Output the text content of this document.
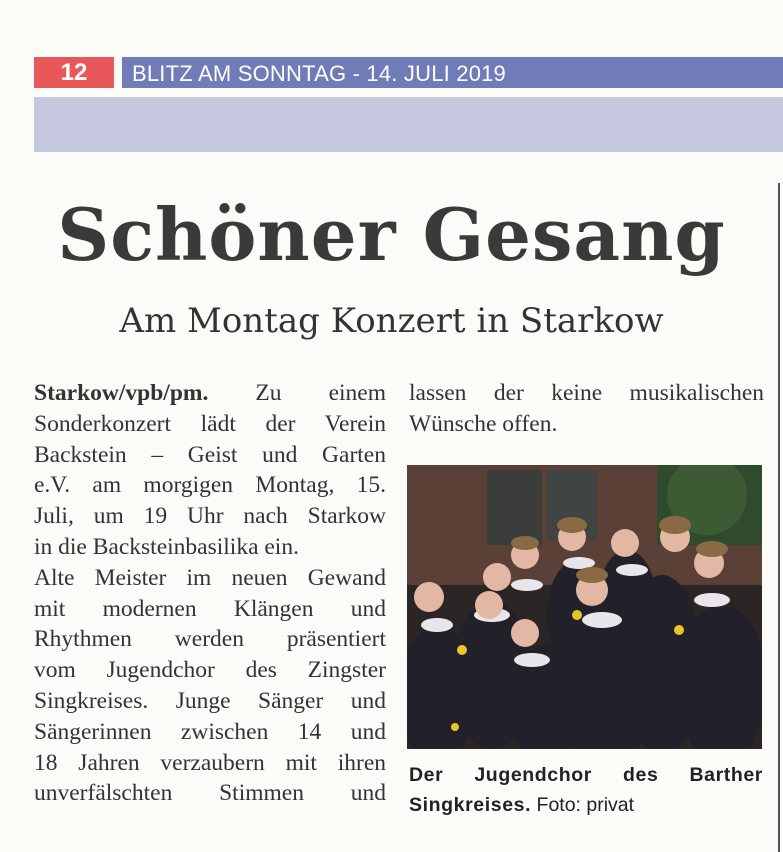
12	BLITZ AM SONNTAG - 14. JULI 2019
Schöner Gesang
Am Montag Konzert in Starkow
Starkow/vpb/pm. Zu einem
Sonderkonzert lädt der Verein
Backstein – Geist und Garten
e.V. am morgigen Montag, 15.
Juli, um 19 Uhr nach Starkow
in die Backsteinbasilika ein.
Alte Meister im neuen Gewand
mit modernen Klängen und
Rhythmen werden präsentiert
vom Jugendchor des Zingster
Singkreises. Junge Sänger und
Sängerinnen zwischen 14 und
18 Jahren verzaubern mit ihren
unverfälschten Stimmen und
lassen der keine musikalischen
Wünsche offen.
Der Jugendchor des Barther
Singkreises. Foto: privat
